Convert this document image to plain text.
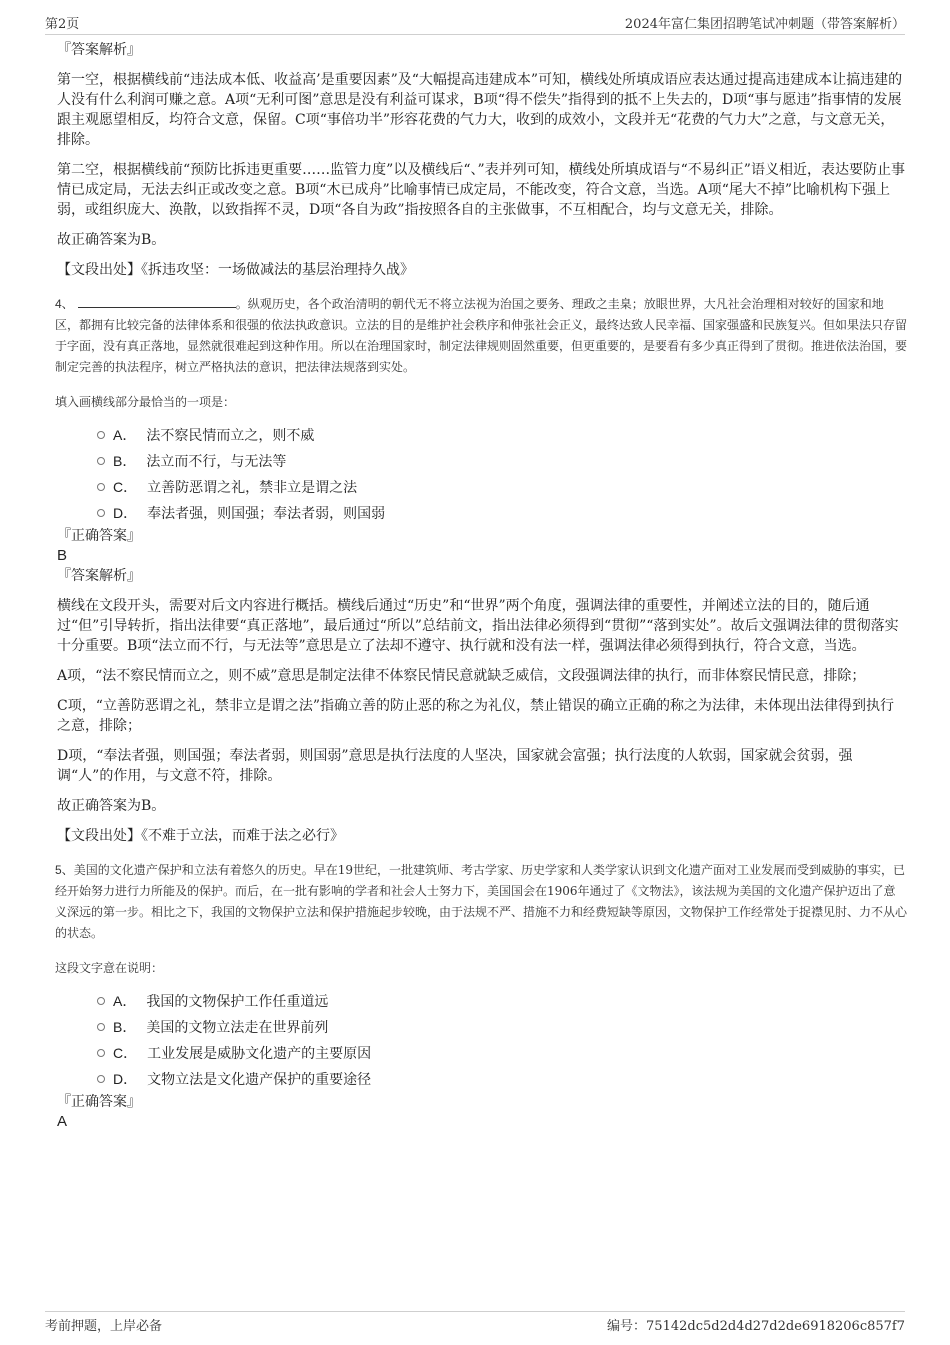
第2页	2024年富仁集团招聘笔试冲刺题（带答案解析）

『答案解析』

第一空，根据横线前“违法成本低、收益高’是重要因素”及“大幅提高违建成本”可知，横线处所填成语应表达通过提高违建成本让搞违建的人没有什么利润可赚之意。A项“无利可图”意思是没有利益可谋求，B项“得不偿失”指得到的抵不上失去的，D项“事与愿违”指事情的发展跟主观愿望相反，均符合文意，保留。C项“事倍功半”形容花费的气力大，收到的成效小，文段并无“花费的气力大”之意，与文意无关，排除。

第二空，根据横线前“预防比拆违更重要……监管力度”以及横线后“、”表并列可知，横线处所填成语与“不易纠正”语义相近，表达要防止事情已成定局，无法去纠正或改变之意。B项“木已成舟”比喻事情已成定局，不能改变，符合文意，当选。A项“尾大不掉”比喻机构下强上弱，或组织庞大、涣散，以致指挥不灵，D项“各自为政”指按照各自的主张做事，不互相配合，均与文意无关，排除。

故正确答案为B。

【文段出处】《拆违攻坚：一场做减法的基层治理持久战》

4、	。纵观历史，各个政治清明的朝代无不将立法视为治国之要务、理政之圭臬；放眼世界，大凡社会治理相对较好的国家和地区，都拥有比较完备的法律体系和很强的依法执政意识。立法的目的是维护社会秩序和伸张社会正义，最终达致人民幸福、国家强盛和民族复兴。但如果法只存留于字面，没有真正落地，显然就很难起到这种作用。所以在治理国家时，制定法律规则固然重要，但更重要的，是要看有多少真正得到了贯彻。推进依法治国，要制定完善的执法程序，树立严格执法的意识，把法律法规落到实处。

填入画横线部分最恰当的一项是：

A． 法不察民情而立之，则不威
B． 法立而不行，与无法等
C． 立善防恶谓之礼，禁非立是谓之法
D． 奉法者强，则国强；奉法者弱，则国弱

『正确答案』

B

『答案解析』

横线在文段开头，需要对后文内容进行概括。横线后通过“历史”和“世界”两个角度，强调法律的重要性，并阐述立法的目的，随后通过“但”引导转折，指出法律要“真正落地”，最后通过“所以”总结前文，指出法律必须得到“贯彻”“落到实处”。故后文强调法律的贯彻落实十分重要。B项“法立而不行，与无法等”意思是立了法却不遵守、执行就和没有法一样，强调法律必须得到执行，符合文意，当选。

A项，“法不察民情而立之，则不威”意思是制定法律不体察民情民意就缺乏威信，文段强调法律的执行，而非体察民情民意，排除；

C项，“立善防恶谓之礼，禁非立是谓之法”指确立善的防止恶的称之为礼仪，禁止错误的确立正确的称之为法律，未体现出法律得到执行之意，排除；

D项，“奉法者强，则国强；奉法者弱，则国弱”意思是执行法度的人坚决，国家就会富强；执行法度的人软弱，国家就会贫弱，强调“人”的作用，与文意不符，排除。

故正确答案为B。

【文段出处】《不难于立法，而难于法之必行》

5、美国的文化遗产保护和立法有着悠久的历史。早在19世纪，一批建筑师、考古学家、历史学家和人类学家认识到文化遗产面对工业发展而受到威胁的事实，已经开始努力进行力所能及的保护。而后，在一批有影响的学者和社会人士努力下，美国国会在1906年通过了《文物法》，该法规为美国的文化遗产保护迈出了意义深远的第一步。相比之下，我国的文物保护立法和保护措施起步较晚，由于法规不严、措施不力和经费短缺等原因，文物保护工作经常处于捉襟见肘、力不从心的状态。

这段文字意在说明：

A． 我国的文物保护工作任重道远
B． 美国的文物立法走在世界前列
C． 工业发展是威胁文化遗产的主要原因
D． 文物立法是文化遗产保护的重要途径

『正确答案』

A

考前押题，上岸必备	编号：75142dc5d2d4d27d2de6918206c857f7
